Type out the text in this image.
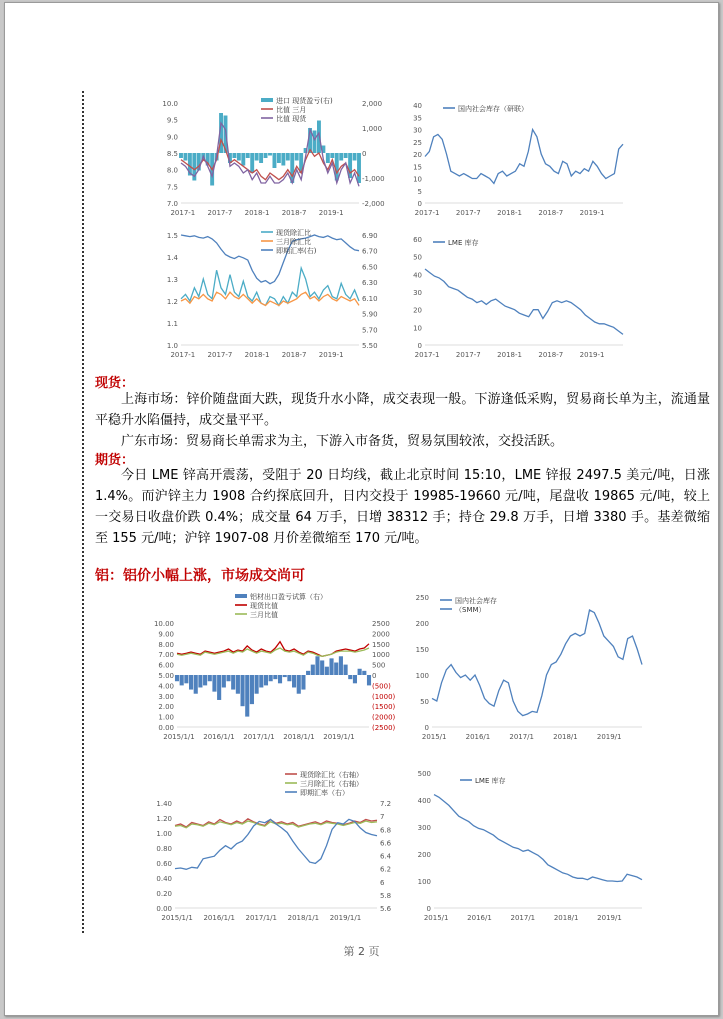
10.0
9.5
9.0
8.5
8.0
7.5
7.0
2,000
1,000
0
-1,000
-2,000
2017-1 2017-7 2018-1 2018-7 2019-1
进口 现货盈亏(右)
比值 三月
比值 现货
40
35
30
25
20
15
10
5
0
2017-1 2017-7 2018-1 2018-7 2019-1
国内社会库存（研联）
1.5
1.4
1.3
1.2
1.1
1.0
6.90
6.70
6.50
6.30
6.10
5.90
5.70
5.50
2017-1 2017-7 2018-1 2018-7 2019-1
现货除汇比
三月除汇比
即期汇率(右)
60
50
40
30
20
10
0
2017-1 2017-7 2018-1 2018-7 2019-1
LME 库存
现货：
上海市场：锌价随盘面大跌，现货升水小降，成交表现一般。下游逢低采购，贸易商长单为主，流通量平稳升水陷僵持，成交量平平。
广东市场：贸易商长单需求为主，下游入市备货，贸易氛围较浓，交投活跃。
期货：
今日 LME 锌高开震荡，受阻于 20 日均线，截止北京时间 15:10，LME 锌报 2497.5 美元/吨，日涨 1.4%。而沪锌主力 1908 合约探底回升，日内交投于 19985-19660 元/吨，尾盘收 19865 元/吨，较上一交易日收盘价跌 0.4%；成交量 64 万手，日增 38312 手；持仓 29.8 万手，日增 3380 手。基差微缩至 155 元/吨；沪锌 1907-08 月价差微缩至 170 元/吨。
铝：铝价小幅上涨，市场成交尚可
10.00
9.00
8.00
7.00
6.00
5.00
4.00
3.00
2.00
1.00
0.00
2500
2000
1500
1000
500
0
(500)
(1000)
(1500)
(2000)
(2500)
2015/1/1 2016/1/1 2017/1/1 2018/1/1 2019/1/1
铝材出口盈亏试算（右）
现货比值
三月比值
250
200
150
100
50
0
2015/1	2016/1	2017/1	2018/1	2019/1
国内社会库存
（SMM）
1.40
1.20
1.00
0.80
0.60
0.40
0.20
0.00
7.2
7
6.8
6.6
6.4
6.2
6
5.8
5.6
2015/1/1 2016/1/1 2017/1/1 2018/1/1 2019/1/1
现货除汇比（右轴）
三月除汇比（右轴）
即期汇率（右）
500
400
300
200
100
0
2015/1	2016/1	2017/1	2018/1	2019/1
LME 库存
第 2 页
